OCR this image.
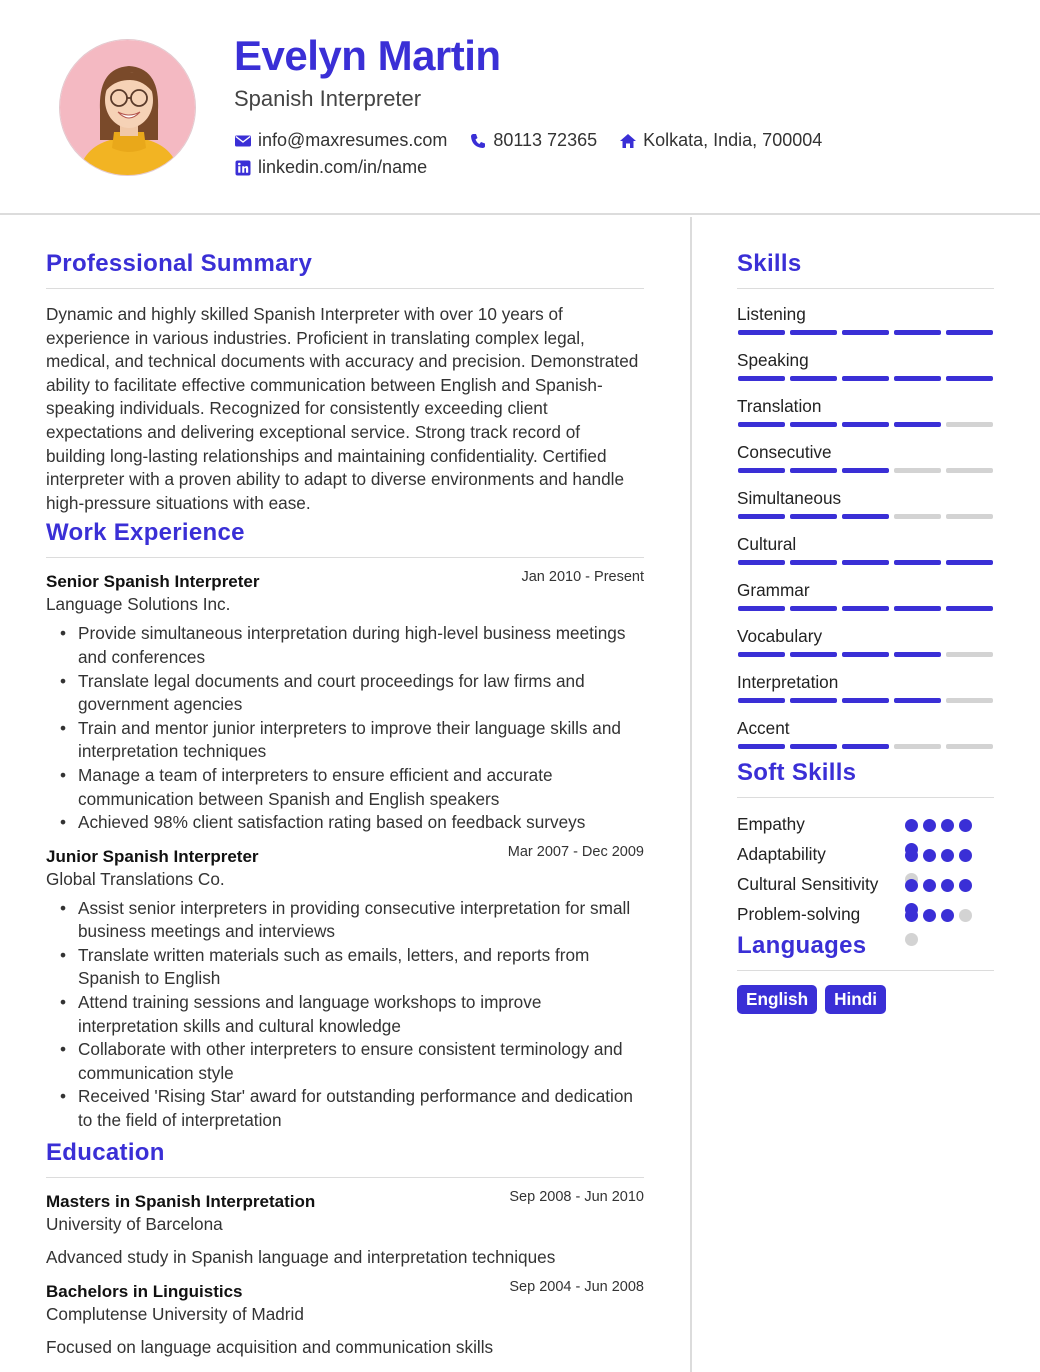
Evelyn Martin
Spanish Interpreter
info@maxresumes.com	80113 72365	Kolkata, India, 700004
linkedin.com/in/name
Professional Summary
Dynamic and highly skilled Spanish Interpreter with over 10 years of experience in various industries. Proficient in translating complex legal, medical, and technical documents with accuracy and precision. Demonstrated ability to facilitate effective communication between English and Spanish-speaking individuals. Recognized for consistently exceeding client expectations and delivering exceptional service. Strong track record of building long-lasting relationships and maintaining confidentiality. Certified interpreter with a proven ability to adapt to diverse environments and handle high-pressure situations with ease.
Work Experience
Senior Spanish Interpreter	Jan 2010 - Present
Language Solutions Inc.
• Provide simultaneous interpretation during high-level business meetings and conferences
• Translate legal documents and court proceedings for law firms and government agencies
• Train and mentor junior interpreters to improve their language skills and interpretation techniques
• Manage a team of interpreters to ensure efficient and accurate communication between Spanish and English speakers
• Achieved 98% client satisfaction rating based on feedback surveys
Junior Spanish Interpreter	Mar 2007 - Dec 2009
Global Translations Co.
• Assist senior interpreters in providing consecutive interpretation for small business meetings and interviews
• Translate written materials such as emails, letters, and reports from Spanish to English
• Attend training sessions and language workshops to improve interpretation skills and cultural knowledge
• Collaborate with other interpreters to ensure consistent terminology and communication style
• Received 'Rising Star' award for outstanding performance and dedication to the field of interpretation
Education
Masters in Spanish Interpretation	Sep 2008 - Jun 2010
University of Barcelona
Advanced study in Spanish language and interpretation techniques
Bachelors in Linguistics	Sep 2004 - Jun 2008
Complutense University of Madrid
Focused on language acquisition and communication skills
Skills
Listening
Speaking
Translation
Consecutive
Simultaneous
Cultural
Grammar
Vocabulary
Interpretation
Accent
Soft Skills
Empathy
Adaptability
Cultural Sensitivity
Problem-solving
Languages
English	Hindi
